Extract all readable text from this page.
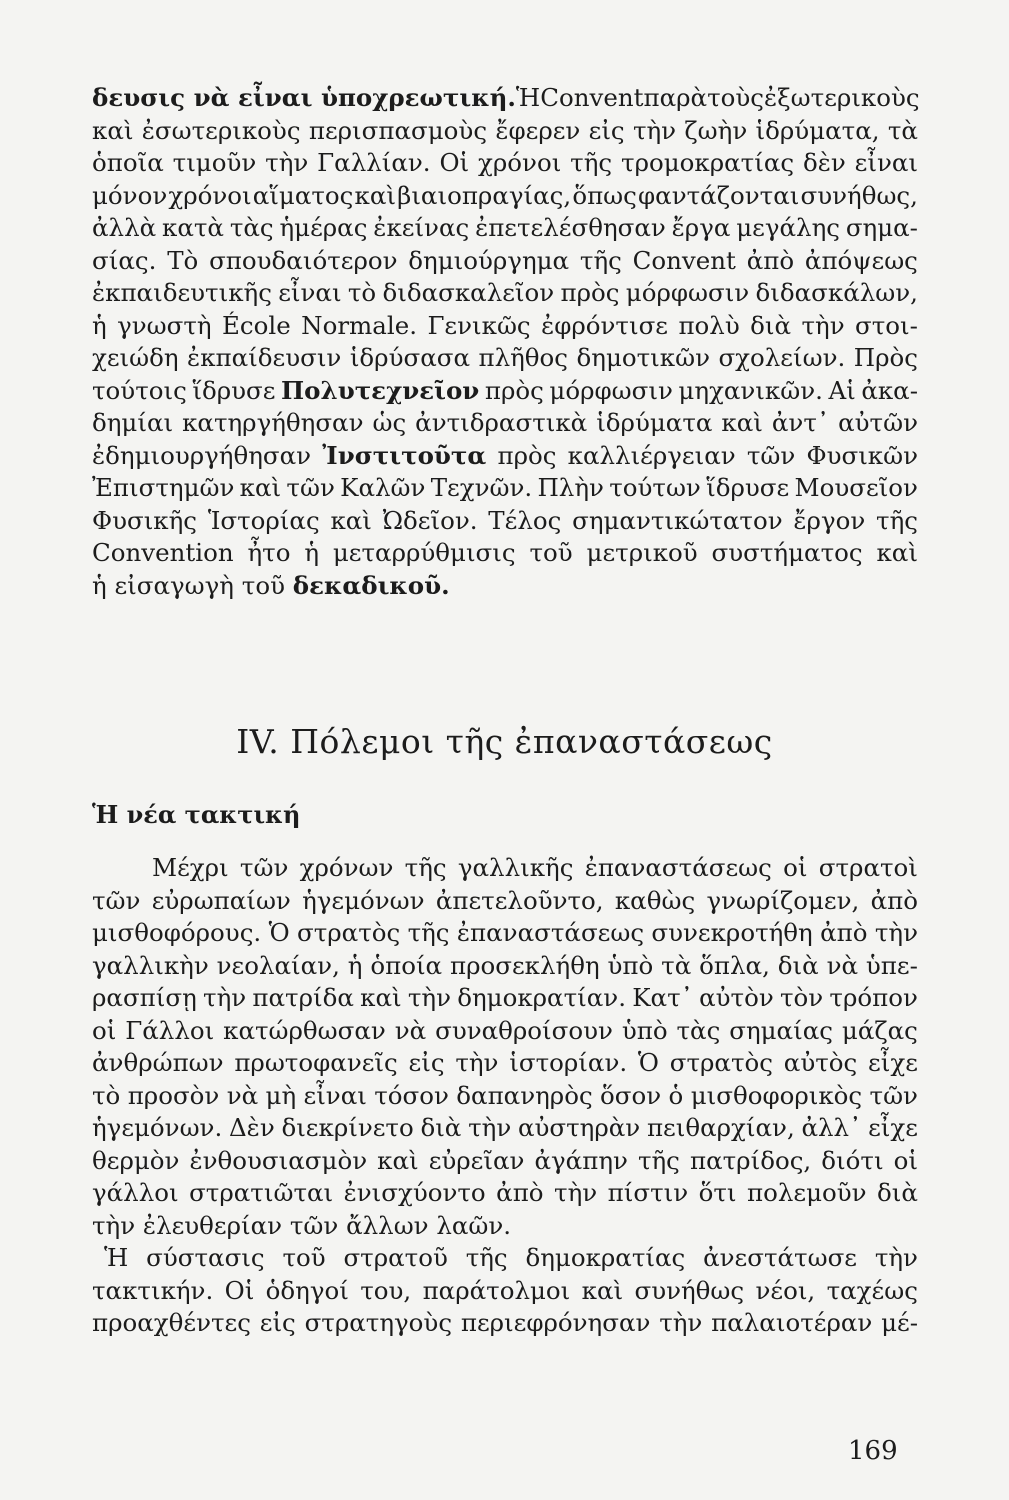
δευσις νὰ εἶναι ὑποχρεωτική. Ἡ Convent παρὰ τοὺς ἐξωτερικοὺς
καὶ ἐσωτερικοὺς περισπασμοὺς ἔφερεν εἰς τὴν ζωὴν ἱδρύματα, τὰ
ὁποῖα τιμοῦν τὴν Γαλλίαν. Οἱ χρόνοι τῆς τρομοκρατίας δὲν εἶναι
μόνον χρόνοι αἵματος καὶ βιαιοπραγίας, ὅπως φαντάζονται συνήθως,
ἀλλὰ κατὰ τὰς ἡμέρας ἐκείνας ἐπετελέσθησαν ἔργα μεγάλης σημα-
σίας. Τὸ σπουδαιότερον δημιούργημα τῆς Convent ἀπὸ ἀπόψεως
ἐκπαιδευτικῆς εἶναι τὸ διδασκαλεῖον πρὸς μόρφωσιν διδασκάλων,
ἡ γνωστὴ École Normale. Γενικῶς ἐφρόντισε πολὺ διὰ τὴν στοι-
χειώδη ἐκπαίδευσιν ἱδρύσασα πλῆθος δημοτικῶν σχολείων. Πρὸς
τούτοις ἵδρυσε Πολυτεχνεῖον πρὸς μόρφωσιν μηχανικῶν. Αἱ ἀκα-
δημίαι κατηργήθησαν ὡς ἀντιδραστικὰ ἱδρύματα καὶ ἀντ᾽ αὐτῶν
ἐδημιουργήθησαν Ἰνστιτοῦτα πρὸς καλλιέργειαν τῶν Φυσικῶν
Ἐπιστημῶν καὶ τῶν Καλῶν Τεχνῶν. Πλὴν τούτων ἵδρυσε Μουσεῖον
Φυσικῆς Ἱστορίας καὶ Ὠδεῖον. Τέλος σημαντικώτατον ἔργον τῆς
Convention ἦτο ἡ μεταρρύθμισις τοῦ μετρικοῦ συστήματος καὶ
ἡ εἰσαγωγὴ τοῦ δεκαδικοῦ.
IV. Πόλεμοι τῆς ἐπαναστάσεως
Ἡ νέα τακτική
Μέχρι τῶν χρόνων τῆς γαλλικῆς ἐπαναστάσεως οἱ στρατοὶ
τῶν εὐρωπαίων ἡγεμόνων ἀπετελοῦντο, καθὼς γνωρίζομεν, ἀπὸ
μισθοφόρους. Ὁ στρατὸς τῆς ἐπαναστάσεως συνεκροτήθη ἀπὸ τὴν
γαλλικὴν νεολαίαν, ἡ ὁποία προσεκλήθη ὑπὸ τὰ ὅπλα, διὰ νὰ ὑπε-
ρασπίσῃ τὴν πατρίδα καὶ τὴν δημοκρατίαν. Κατ᾽ αὐτὸν τὸν τρόπον
οἱ Γάλλοι κατώρθωσαν νὰ συναθροίσουν ὑπὸ τὰς σημαίας μάζας
ἀνθρώπων πρωτοφανεῖς εἰς τὴν ἱστορίαν. Ὁ στρατὸς αὐτὸς εἶχε
τὸ προσὸν νὰ μὴ εἶναι τόσον δαπανηρὸς ὅσον ὁ μισθοφορικὸς τῶν
ἡγεμόνων. Δὲν διεκρίνετο διὰ τὴν αὐστηρὰν πειθαρχίαν, ἀλλ᾽ εἶχε
θερμὸν ἐνθουσιασμὸν καὶ εὐρεῖαν ἀγάπην τῆς πατρίδος, διότι οἱ
γάλλοι στρατιῶται ἐνισχύοντο ἀπὸ τὴν πίστιν ὅτι πολεμοῦν διὰ
τὴν ἐλευθερίαν τῶν ἄλλων λαῶν.
Ἡ σύστασις τοῦ στρατοῦ τῆς δημοκρατίας ἀνεστάτωσε τὴν
τακτικήν. Οἱ ὁδηγοί του, παράτολμοι καὶ συνήθως νέοι, ταχέως
προαχθέντες εἰς στρατηγοὺς περιεφρόνησαν τὴν παλαιοτέραν μέ-
169
